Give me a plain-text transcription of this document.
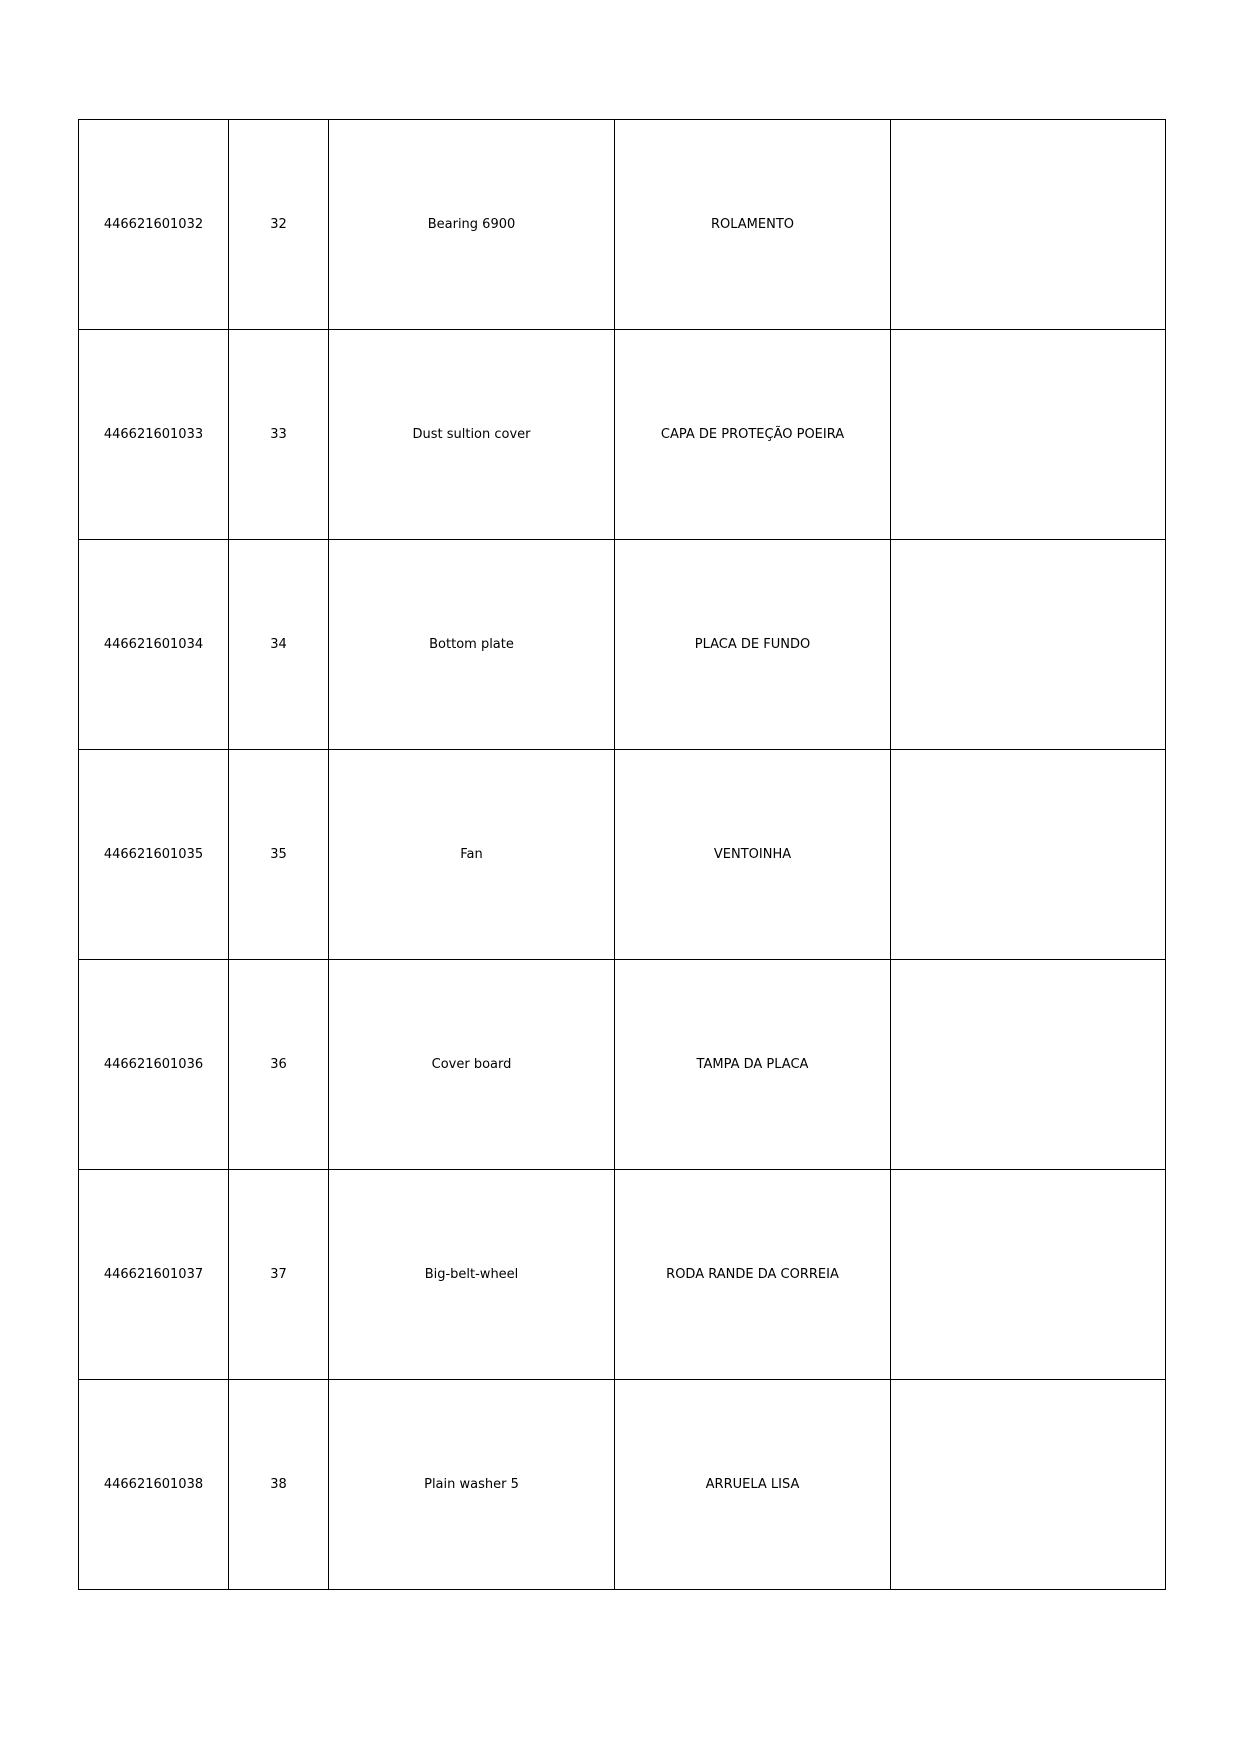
446621601032	32	Bearing 6900	ROLAMENTO	
446621601033	33	Dust sultion cover	CAPA DE PROTEÇÃO POEIRA	
446621601034	34	Bottom plate	PLACA DE FUNDO	
446621601035	35	Fan	VENTOINHA	
446621601036	36	Cover board	TAMPA DA PLACA	
446621601037	37	Big-belt-wheel	RODA RANDE DA CORREIA	
446621601038	38	Plain washer 5	ARRUELA LISA	
